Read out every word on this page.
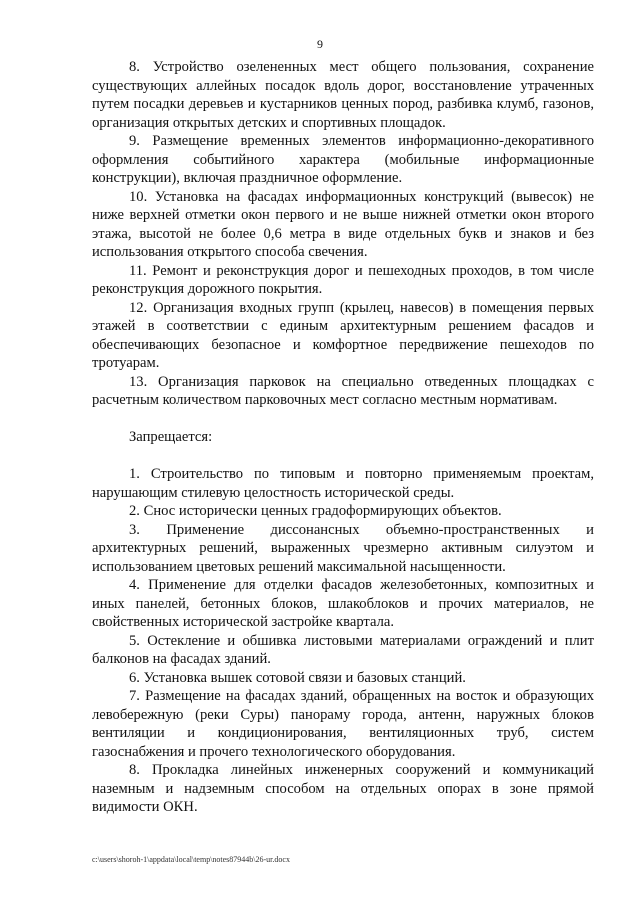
9

8. Устройство озелененных мест общего пользования, сохранение существующих аллейных посадок вдоль дорог, восстановление утраченных путем посадки деревьев и кустарников ценных пород, разбивка клумб, газонов, организация открытых детских и спортивных площадок.

9. Размещение временных элементов информационно-декоративного оформления событийного характера (мобильные информационные конструкции), включая праздничное оформление.

10. Установка на фасадах информационных конструкций (вывесок) не ниже верхней отметки окон первого и не выше нижней отметки окон второго этажа, высотой не более 0,6 метра в виде отдельных букв и знаков и без использования открытого способа свечения.

11. Ремонт и реконструкция дорог и пешеходных проходов, в том числе реконструкция дорожного покрытия.

12. Организация входных групп (крылец, навесов) в помещения первых этажей в соответствии с единым архитектурным решением фасадов и обеспечивающих безопасное и комфортное передвижение пешеходов по тротуарам.

13. Организация парковок на специально отведенных площадках с расчетным количеством парковочных мест согласно местным нормативам.

Запрещается:

1. Строительство по типовым и повторно применяемым проектам, нарушающим стилевую целостность исторической среды.

2. Снос исторически ценных градоформирующих объектов.

3. Применение диссонансных объемно-пространственных и архитектурных решений, выраженных чрезмерно активным силуэтом и использованием цветовых решений максимальной насыщенности.

4. Применение для отделки фасадов железобетонных, композитных и иных панелей, бетонных блоков, шлакоблоков и прочих материалов, не свойственных исторической застройке квартала.

5. Остекление и обшивка листовыми материалами ограждений и плит балконов на фасадах зданий.

6. Установка вышек сотовой связи и базовых станций.

7. Размещение на фасадах зданий, обращенных на восток и образующих левобережную (реки Суры) панораму города, антенн, наружных блоков вентиляции и кондиционирования, вентиляционных труб, систем газоснабжения и прочего технологического оборудования.

8. Прокладка линейных инженерных сооружений и коммуникаций наземным и надземным способом на отдельных опорах в зоне прямой видимости ОКН.

c:\users\shoroh-1\appdata\local\temp\notes87944b\26-ur.docx
